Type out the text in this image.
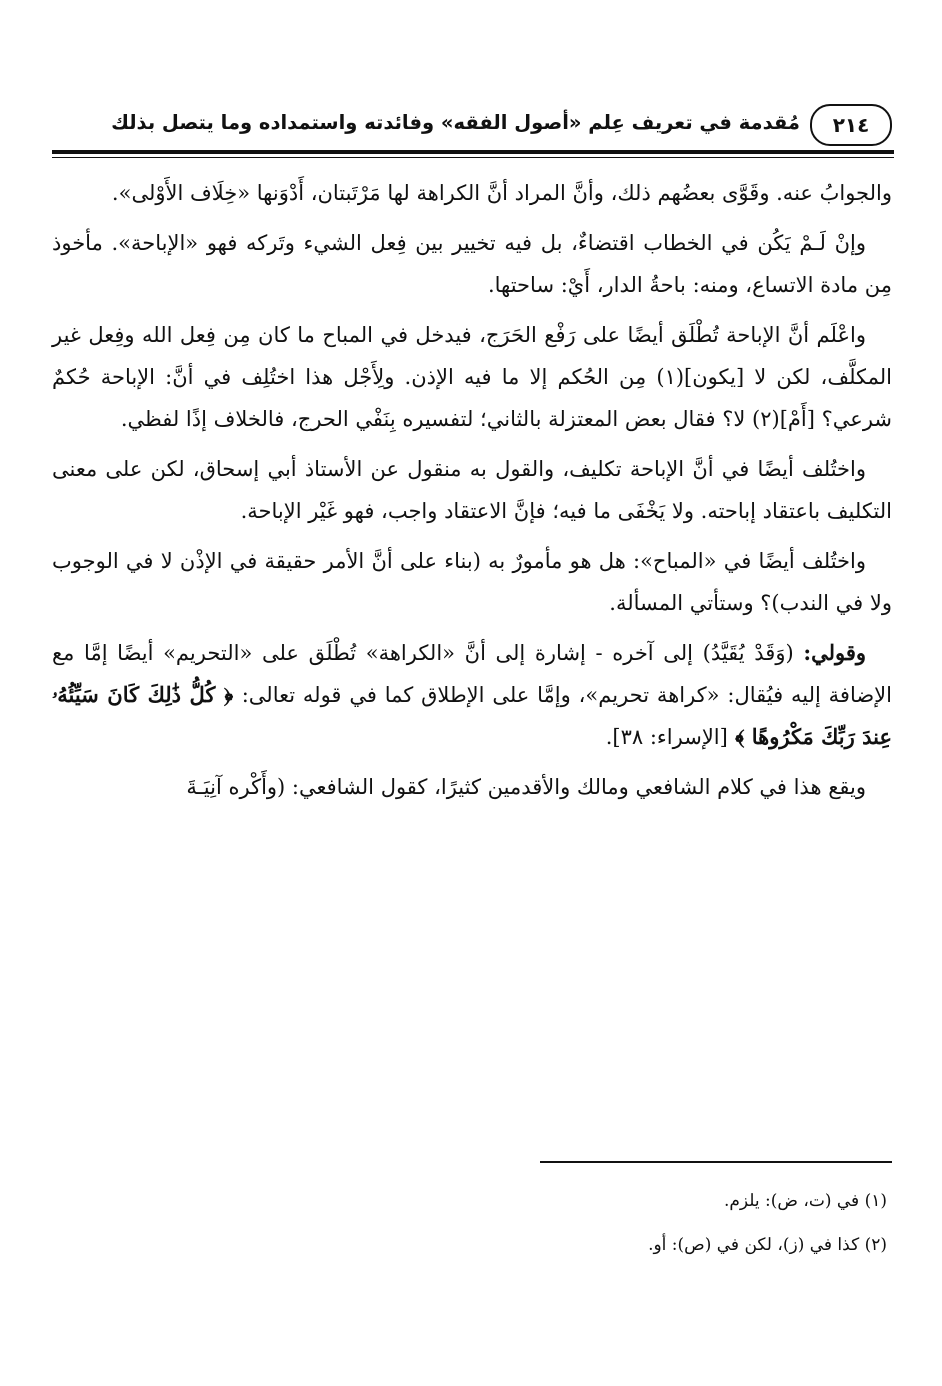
٢١٤
مُقدمة في تعريف عِلم «أصول الفقه» وفائدته واستمداده وما يتصل بذلك

والجوابُ عنه. وقَوَّى بعضُهم ذلك، وأنَّ المراد أنَّ الكراهة لها مَرْتَبتان، أَدْوَنها «خِلَاف الأَوْلى».

وإنْ لَـمْ يَكُن في الخطاب اقتضاءٌ، بل فيه تخيير بين فِعل الشيء وتَركه فهو «الإباحة». مأخوذ مِن مادة الاتساع، ومنه: باحةُ الدار، أَيْ: ساحتها.

واعْلَم أنَّ الإباحة تُطْلَق أيضًا على رَفْع الحَرَج، فيدخل في المباح ما كان مِن فِعل الله وفِعل غير المكلَّف، لكن لا [يكون](١) مِن الحُكم إلا ما فيه الإذن. ولِأَجْل هذا اختُلِف في أنَّ: الإباحة حُكمٌ شرعي؟ [أَمْ](٢) لا؟ فقال بعض المعتزلة بالثاني؛ لتفسيره بِنَفْي الحرج، فالخلاف إذًا لفظي.

واختُلف أيضًا في أنَّ الإباحة تكليف، والقول به منقول عن الأستاذ أبي إسحاق، لكن على معنى التكليف باعتقاد إباحته. ولا يَخْفَى ما فيه؛ فإنَّ الاعتقاد واجب، فهو غَيْر الإباحة.

واختُلف أيضًا في «المباح»: هل هو مأمورٌ به (بناء على أنَّ الأمر حقيقة في الإذْن لا في الوجوب ولا في الندب)؟ وستأتي المسألة.

وقولي: (وَقَدْ يُقَيَّدُ) إلى آخره - إشارة إلى أنَّ «الكراهة» تُطْلَق على «التحريم» أيضًا إمَّا مع الإضافة إليه فيُقال: «كراهة تحريم»، وإمَّا على الإطلاق كما في قوله تعالى: ﴿ كُلُّ ذَٰلِكَ كَانَ سَيِّئُهُۥ عِندَ رَبِّكَ مَكْرُوهًا ﴾ [الإسراء: ٣٨].

ويقع هذا في كلام الشافعي ومالك والأقدمين كثيرًا، كقول الشافعي: (وأَكْره آنِيَـةَ

(١) في (ت، ض): يلزم.
(٢) كذا في (ز)، لكن في (ص): أو.
